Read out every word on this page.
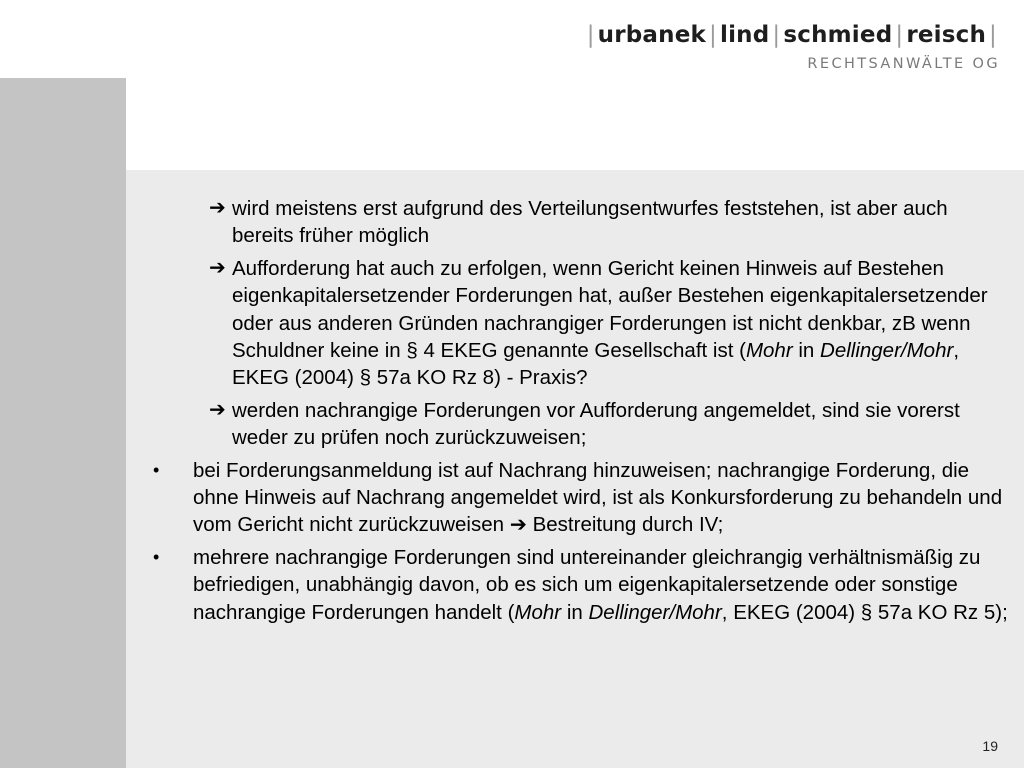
| urbanek | lind | schmied | reisch |
RECHTSANWÄLTE OG
➔ wird meistens erst aufgrund des Verteilungsentwurfes feststehen, ist aber auch bereits früher möglich
➔ Aufforderung hat auch zu erfolgen, wenn Gericht keinen Hinweis auf Bestehen eigenkapitalersetzender Forderungen hat, außer Bestehen eigenkapitalersetzender oder aus anderen Gründen nachrangiger Forderungen ist nicht denkbar, zB wenn Schuldner keine in § 4 EKEG genannte Gesellschaft ist (Mohr in Dellinger/Mohr, EKEG (2004) § 57a KO Rz 8) - Praxis?
➔ werden nachrangige Forderungen vor Aufforderung angemeldet, sind sie vorerst weder zu prüfen noch zurückzuweisen;
• bei Forderungsanmeldung ist auf Nachrang hinzuweisen; nachrangige Forderung, die ohne Hinweis auf Nachrang angemeldet wird, ist als Konkursforderung zu behandeln und vom Gericht nicht zurückzuweisen ➔ Bestreitung durch IV;
• mehrere nachrangige Forderungen sind untereinander gleichrangig verhältnismäßig zu befriedigen, unabhängig davon, ob es sich um eigenkapitalersetzende oder sonstige nachrangige Forderungen handelt (Mohr in Dellinger/Mohr, EKEG (2004) § 57a KO Rz 5);
19
